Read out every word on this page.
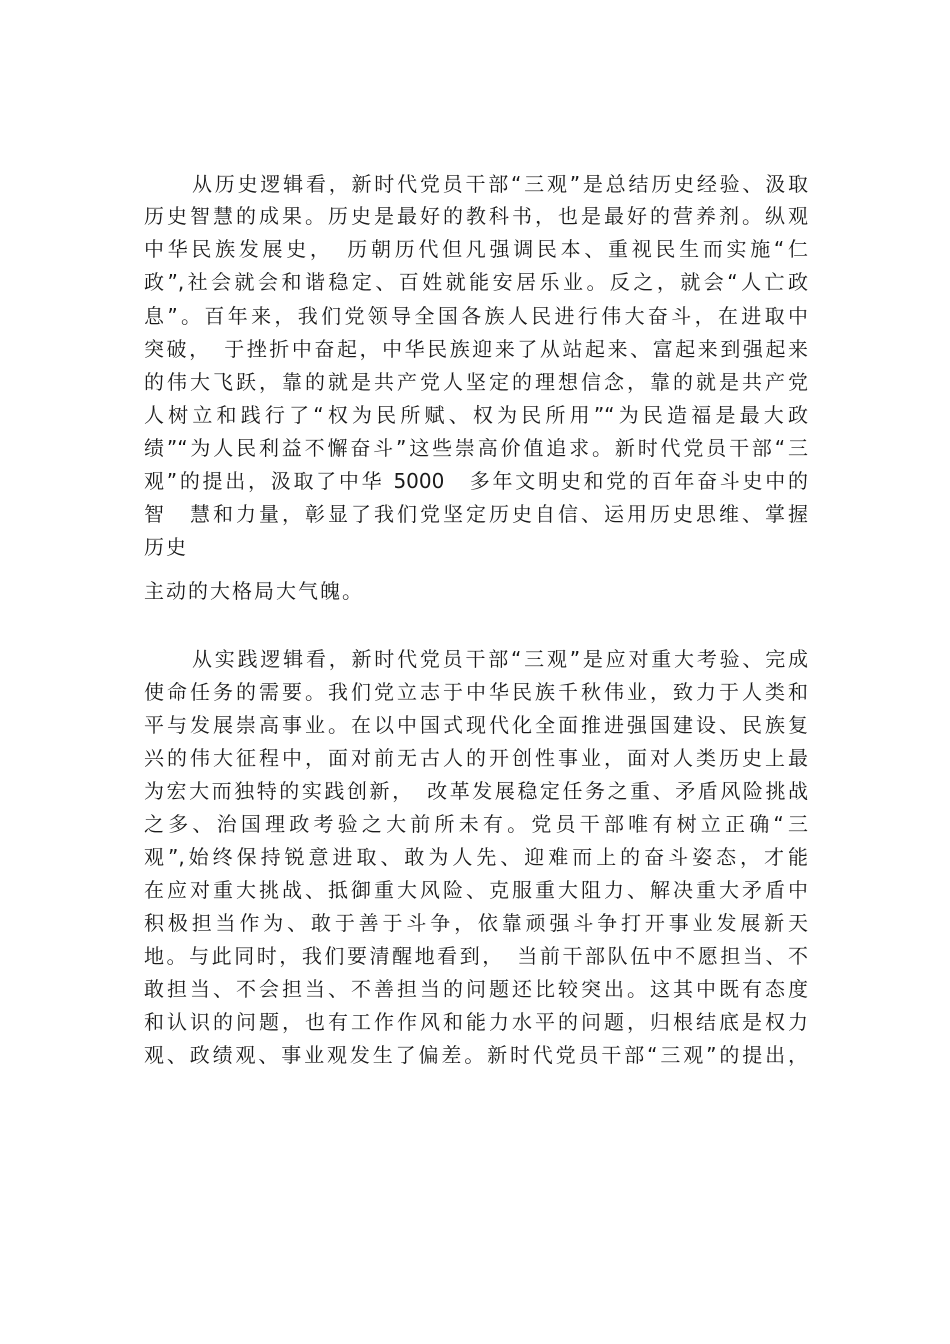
从历史逻辑看，新时代党员干部“三观”是总结历史经验、汲取
历史智慧的成果。历史是最好的教科书，也是最好的营养剂。纵观
中华民族发展史，　历朝历代但凡强调民本、重视民生而实施“仁
政”,社会就会和谐稳定、百姓就能安居乐业。反之，就会“人亡政
息”。百年来，我们党领导全国各族人民进行伟大奋斗，在进取中
突破，　于挫折中奋起，中华民族迎来了从站起来、富起来到强起来
的伟大飞跃，靠的就是共产党人坚定的理想信念，靠的就是共产党
人树立和践行了“权为民所赋、权为民所用”“为民造福是最大政
绩”“为人民利益不懈奋斗”这些崇高价值追求。新时代党员干部“三
观”的提出，汲取了中华 5000　多年文明史和党的百年奋斗史中的
智　慧和力量，彰显了我们党坚定历史自信、运用历史思维、掌握
历史
主动的大格局大气魄。
从实践逻辑看，新时代党员干部“三观”是应对重大考验、完成
使命任务的需要。我们党立志于中华民族千秋伟业，致力于人类和
平与发展崇高事业。在以中国式现代化全面推进强国建设、民族复
兴的伟大征程中，面对前无古人的开创性事业，面对人类历史上最
为宏大而独特的实践创新，　改革发展稳定任务之重、矛盾风险挑战
之多、治国理政考验之大前所未有。党员干部唯有树立正确“三
观”,始终保持锐意进取、敢为人先、迎难而上的奋斗姿态，才能
在应对重大挑战、抵御重大风险、克服重大阻力、解决重大矛盾中
积极担当作为、敢于善于斗争，依靠顽强斗争打开事业发展新天
地。与此同时，我们要清醒地看到，　当前干部队伍中不愿担当、不
敢担当、不会担当、不善担当的问题还比较突出。这其中既有态度
和认识的问题，也有工作作风和能力水平的问题，归根结底是权力
观、政绩观、事业观发生了偏差。新时代党员干部“三观”的提出，
